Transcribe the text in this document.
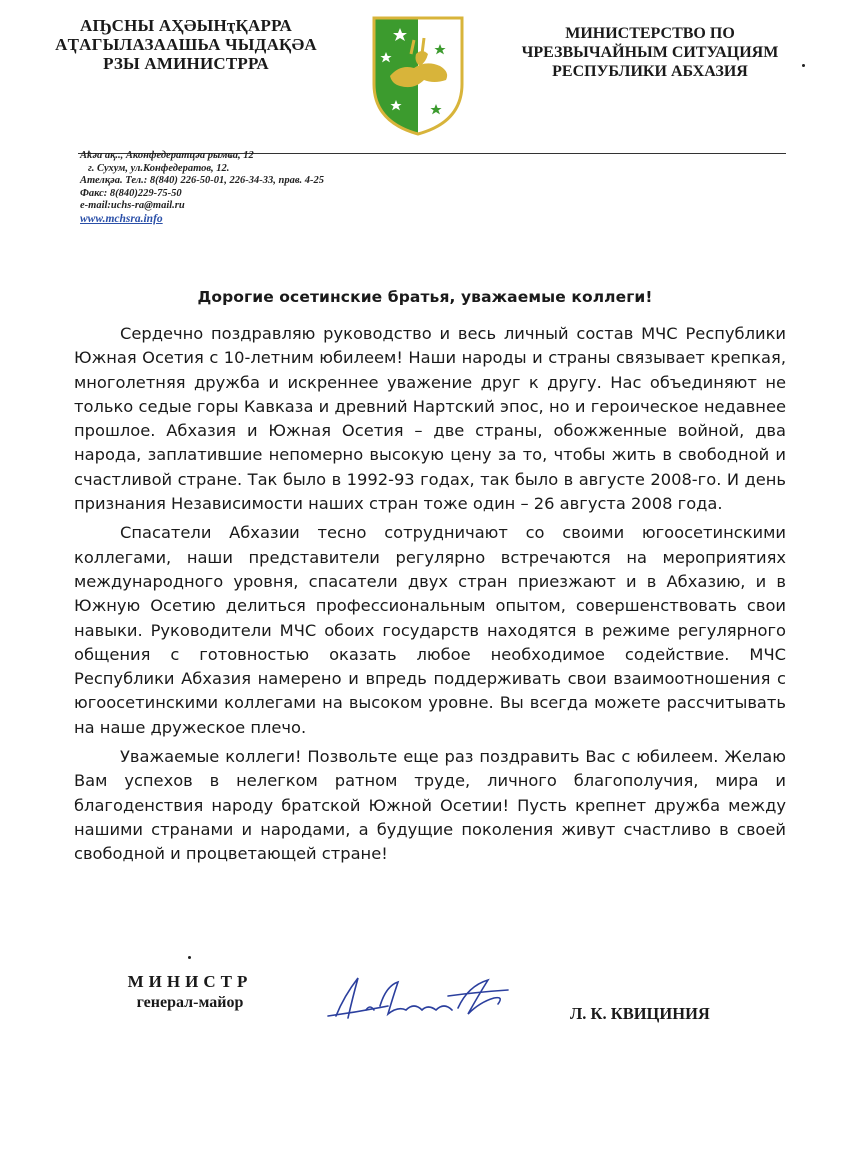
АҦСНЫ АҲӘЫНҭҚАРРА
АҬАГЫЛАЗААШЬА ЧЫДАҚӘА
РЗЫ АМИНИСТРРА
МИНИСТЕРСТВО ПО
ЧРЕЗВЫЧАЙНЫМ СИТУАЦИЯМ
РЕСПУБЛИКИ АБХАЗИЯ
Аҟәа ақ.., Аконфедератцәа рымҩа, 12
г. Сухум, ул.Конфедератов, 12.
Ателқәа. Тел.: 8(840) 226-50-01, 226-34-33, прав. 4-25
Факс: 8(840)229-75-50
e-mail:uchs-ra@mail.ru
www.mchsra.info
Дорогие осетинские братья, уважаемые коллеги!

Сердечно поздравляю руководство и весь личный состав МЧС Республики Южная Осетия с 10-летним юбилеем! Наши народы и страны связывает крепкая, многолетняя дружба и искреннее уважение друг к другу. Нас объединяют не только седые горы Кавказа и древний Нартский эпос, но и героическое недавнее прошлое. Абхазия и Южная Осетия – две страны, обожженные войной, два народа, заплатившие непомерно высокую цену за то, чтобы жить в свободной и счастливой стране. Так было в 1992-93 годах, так было в августе 2008-го. И день признания Независимости наших стран тоже один – 26 августа 2008 года.

Спасатели Абхазии тесно сотрудничают со своими югоосетинскими коллегами, наши представители регулярно встречаются на мероприятиях международного уровня, спасатели двух стран приезжают и в Абхазию, и в Южную Осетию делиться профессиональным опытом, совершенствовать свои навыки. Руководители МЧС обоих государств находятся в режиме регулярного общения с готовностью оказать любое необходимое содействие. МЧС Республики Абхазия намерено и впредь поддерживать свои взаимоотношения с югоосетинскими коллегами на высоком уровне. Вы всегда можете рассчитывать на наше дружеское плечо.

Уважаемые коллеги! Позвольте еще раз поздравить Вас с юбилеем. Желаю Вам успехов в нелегком ратном труде, личного благополучия, мира и благоденствия народу братской Южной Осетии! Пусть крепнет дружба между нашими странами и народами, а будущие поколения живут счастливо в своей свободной и процветающей стране!

МИНИСТР
генерал-майор
Л. К. КВИЦИНИЯ
